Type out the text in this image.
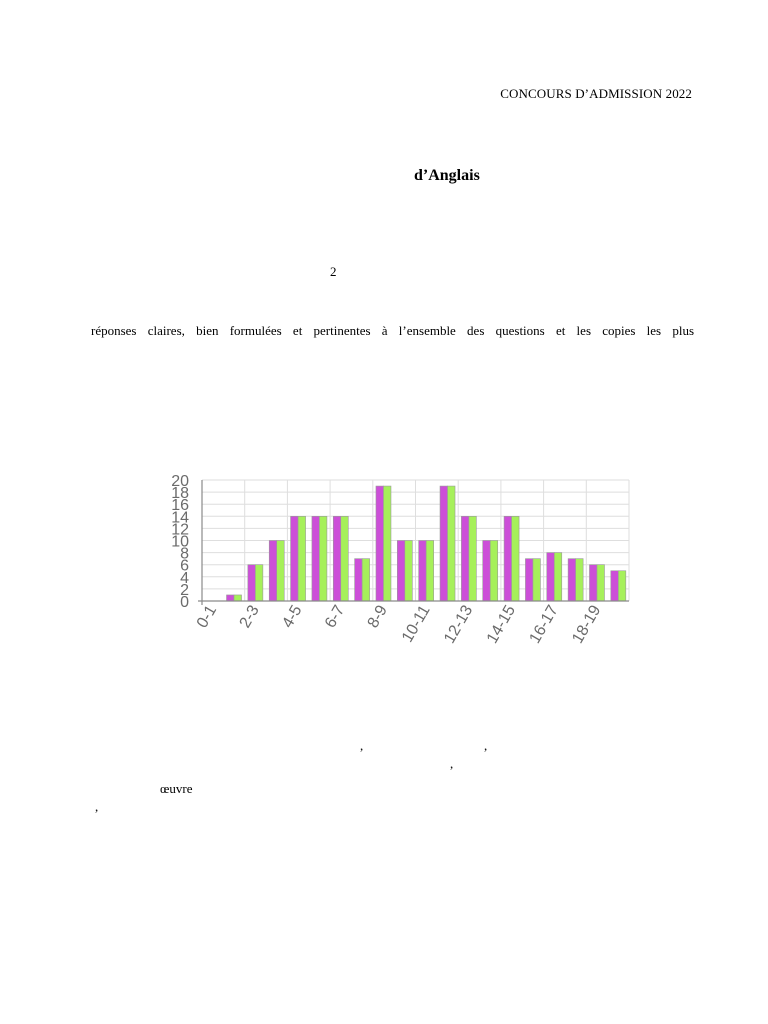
CONCOURS D’ADMISSION 2022
d’Anglais
2
réponses claires, bien formulées et pertinentes à l’ensemble des questions et les copies les plus
0
2
4
6
8
10
12
14
16
18
20
0-1 2-3 4-5 6-7 8-9 10-11 12-13 14-15 16-17 18-19
,	,
,
œuvre
,
